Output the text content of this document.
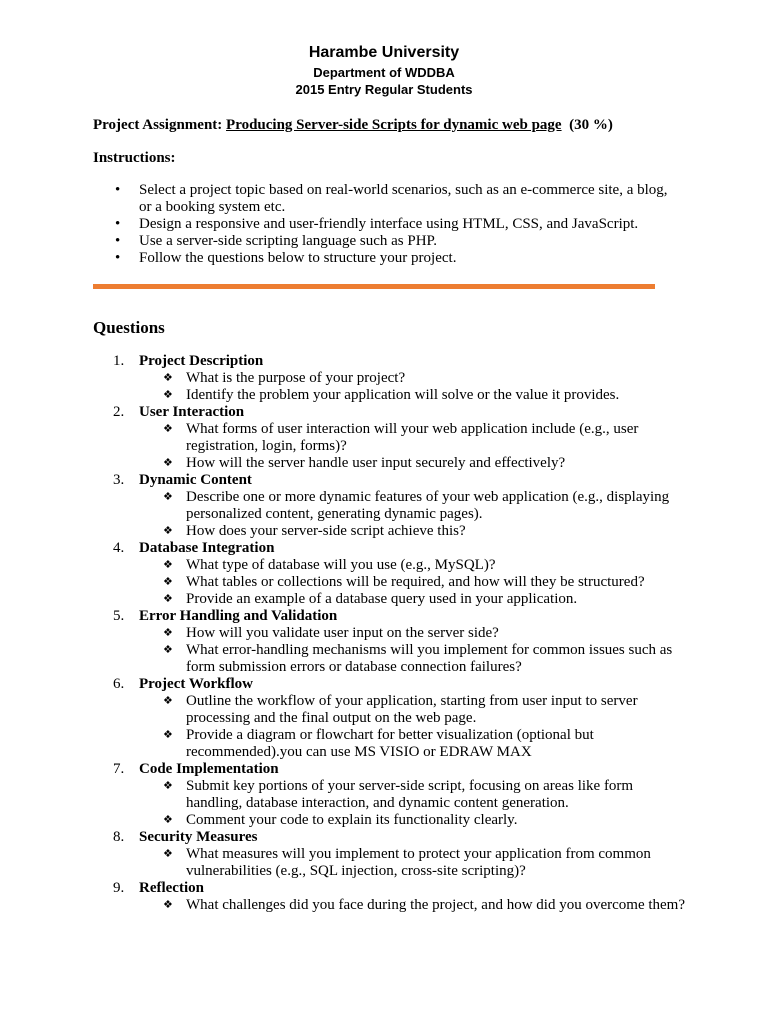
Harambe University
Department of WDDBA
2015 Entry Regular Students
Project Assignment: Producing Server-side Scripts for dynamic web page (30 %)
Instructions:
• Select a project topic based on real-world scenarios, such as an e-commerce site, a blog, or a booking system etc.
• Design a responsive and user-friendly interface using HTML, CSS, and JavaScript.
• Use a server-side scripting language such as PHP.
• Follow the questions below to structure your project.
Questions
1. Project Description
❖ What is the purpose of your project?
❖ Identify the problem your application will solve or the value it provides.
2. User Interaction
❖ What forms of user interaction will your web application include (e.g., user registration, login, forms)?
❖ How will the server handle user input securely and effectively?
3. Dynamic Content
❖ Describe one or more dynamic features of your web application (e.g., displaying personalized content, generating dynamic pages).
❖ How does your server-side script achieve this?
4. Database Integration
❖ What type of database will you use (e.g., MySQL)?
❖ What tables or collections will be required, and how will they be structured?
❖ Provide an example of a database query used in your application.
5. Error Handling and Validation
❖ How will you validate user input on the server side?
❖ What error-handling mechanisms will you implement for common issues such as form submission errors or database connection failures?
6. Project Workflow
❖ Outline the workflow of your application, starting from user input to server processing and the final output on the web page.
❖ Provide a diagram or flowchart for better visualization (optional but recommended).you can use MS VISIO or EDRAW MAX
7. Code Implementation
❖ Submit key portions of your server-side script, focusing on areas like form handling, database interaction, and dynamic content generation.
❖ Comment your code to explain its functionality clearly.
8. Security Measures
❖ What measures will you implement to protect your application from common vulnerabilities (e.g., SQL injection, cross-site scripting)?
9. Reflection
❖ What challenges did you face during the project, and how did you overcome them?
